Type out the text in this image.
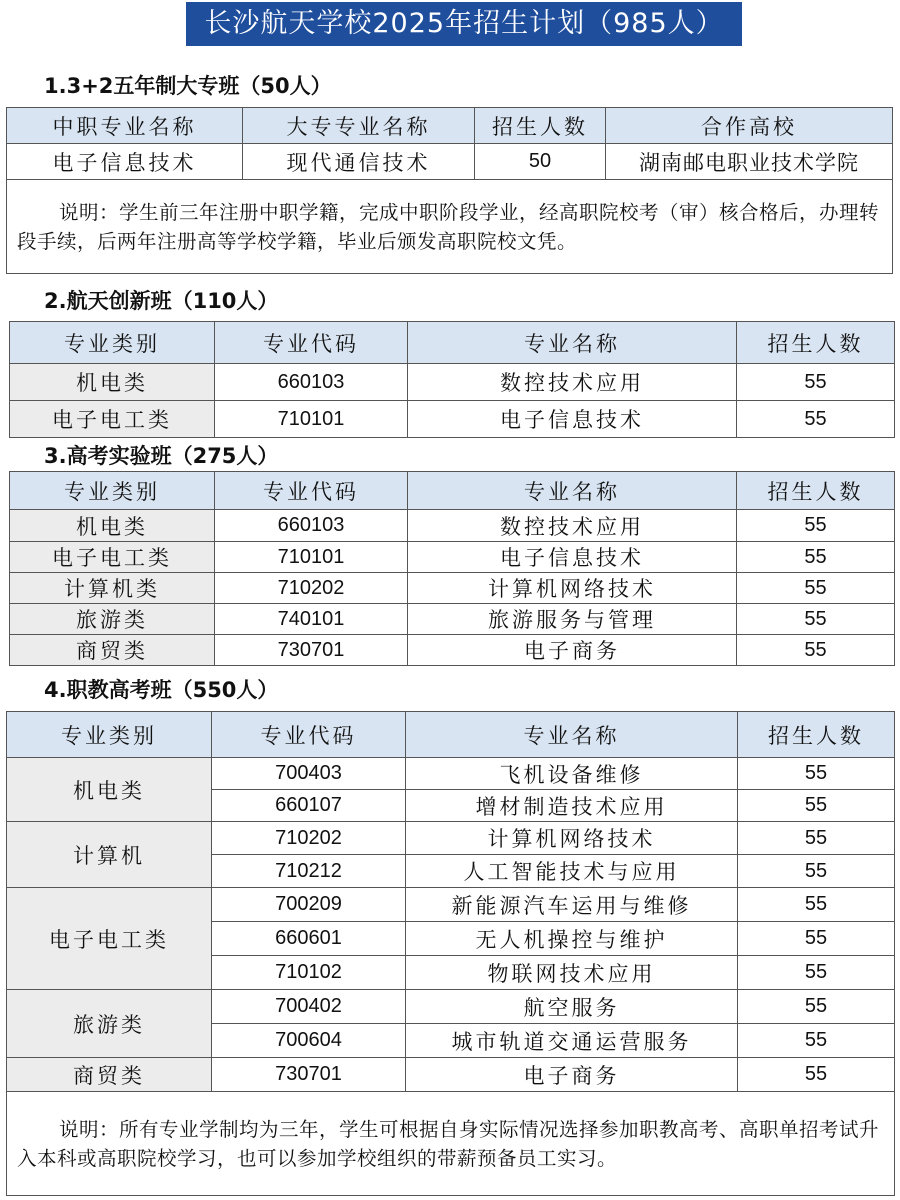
长沙航天学校2025年招生计划（985人）
1.3+2五年制大专班（50人）
中职专业名称	大专专业名称	招生人数	合作高校
电子信息技术	现代通信技术	50	湖南邮电职业技术学院
说明：学生前三年注册中职学籍，完成中职阶段学业，经高职院校考（审）核合格后，办理转段手续，后两年注册高等学校学籍，毕业后颁发高职院校文凭。			
2.航天创新班（110人）
专业类别	专业代码	专业名称	招生人数
机电类	660103	数控技术应用	55
电子电工类	710101	电子信息技术	55
3.高考实验班（275人）
专业类别	专业代码	专业名称	招生人数
机电类	660103	数控技术应用	55
电子电工类	710101	电子信息技术	55
计算机类	710202	计算机网络技术	55
旅游类	740101	旅游服务与管理	55
商贸类	730701	电子商务	55
4.职教高考班（550人）
专业类别	专业代码	专业名称	招生人数
机电类	700403	飞机设备维修	55
	660107	增材制造技术应用	55
计算机	710202	计算机网络技术	55
	710212	人工智能技术与应用	55
电子电工类	700209	新能源汽车运用与维修	55
	660601	无人机操控与维护	55
	710102	物联网技术应用	55
旅游类	700402	航空服务	55
	700604	城市轨道交通运营服务	55
商贸类	730701	电子商务	55
说明：所有专业学制均为三年，学生可根据自身实际情况选择参加职教高考、高职单招考试升入本科或高职院校学习，也可以参加学校组织的带薪预备员工实习。			
